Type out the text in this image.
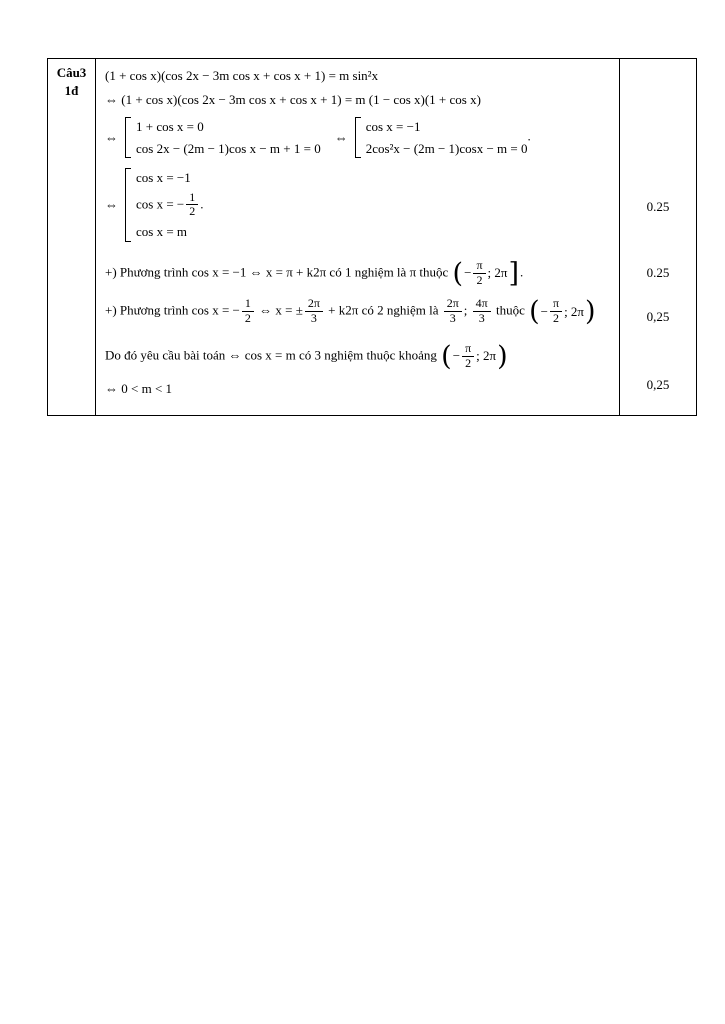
Câu3
1đ
(1 + cos x)(cos 2x − 3m cos x + cos x + 1) = m sin²x
⇔ (1 + cos x)(cos 2x − 3m cos x + cos x + 1) = m (1 − cos x)(1 + cos x)
⇔
1 + cos x = 0
cos 2x − (2m − 1)cos x − m + 1 = 0
⇔
cos x = −1
2cos²x − (2m − 1)cosx − m = 0
.
⇔
cos x = −1
cos x = − $\frac{1}{2}$ .
cos x = m
+) Phương trình cos x = −1 ⇔ x = π + k2π có 1 nghiệm là π thuộc ( − $\frac{\pi}{2}$ ; 2π ] .
+) Phương trình cos x = − $\frac{1}{2}$ ⇔ x = ± $\frac{2\pi}{3} + k2\pi$ có 2 nghiệm là $\frac{2\pi}{3}$ ; $\frac{4\pi}{3}$ thuộc ( − $\frac{\pi}{2}$ ; 2π )
Do đó yêu cầu bài toán ⇔ cos x = m có 3 nghiệm thuộc khoảng ( − $\frac{\pi}{2}$ ; 2π )
⇔ 0 < m < 1
0.25
0.25
0,25
0,25
